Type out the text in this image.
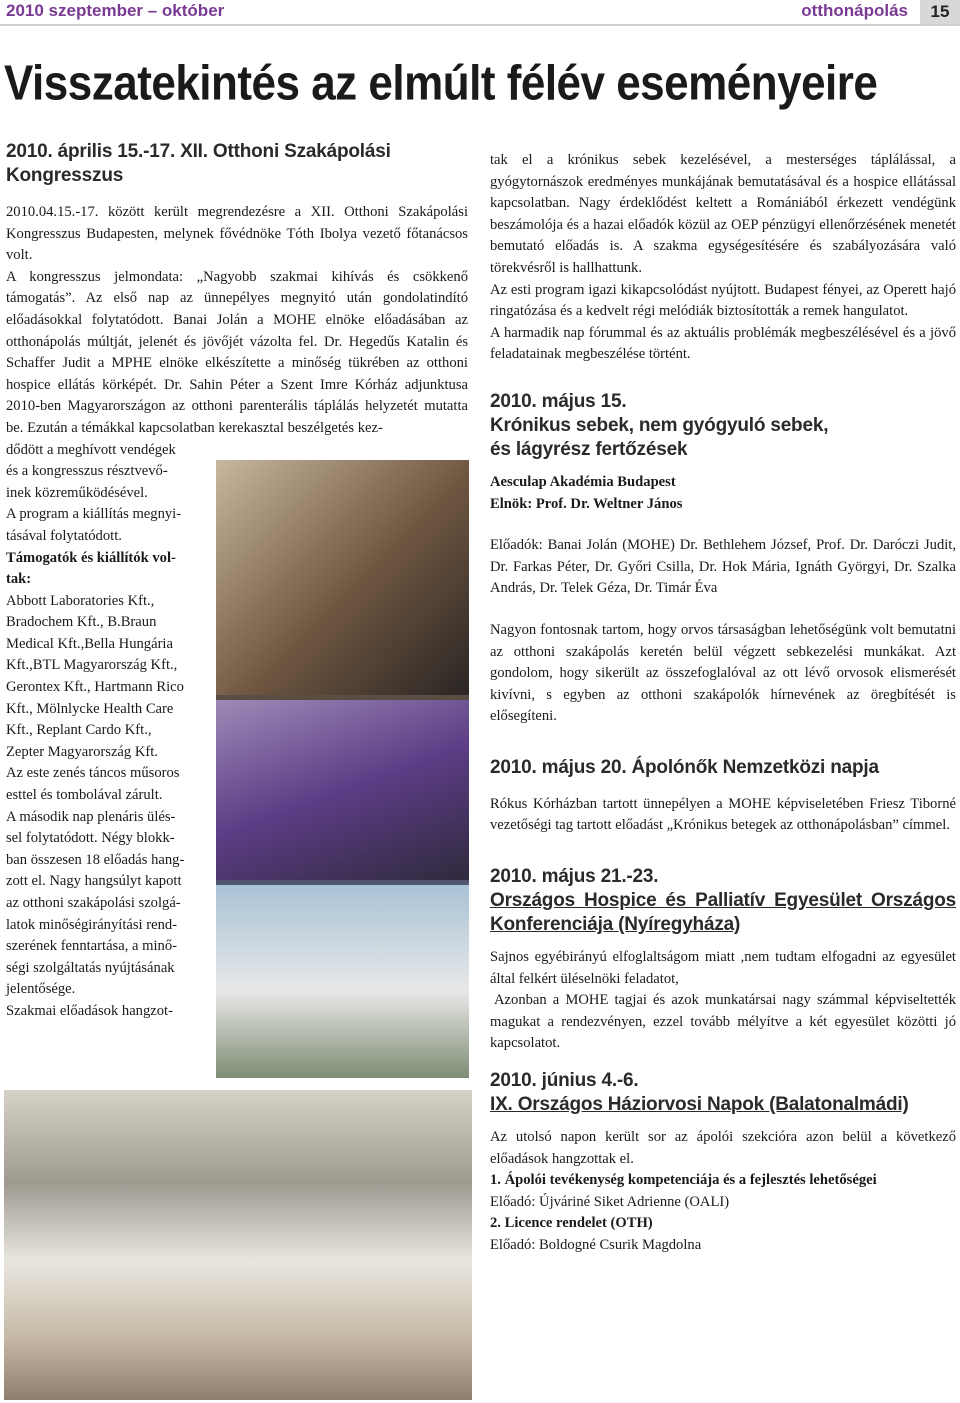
2010 szeptember – október	otthonápolás	15
Visszatekintés az elmúlt félév eseményeire

2010. április 15.-17. XII. Otthoni Szakápolási

Kongresszus

2010.04.15.-17. között került megrendezésre a XII. Otthoni Szakápolási Kongresszus Budapesten, melynek fővédnöke Tóth Ibolya vezető főtanácsos volt.

A kongresszus jelmondata: „Nagyobb szakmai kihívás és csökkenő támogatás”. Az első nap az ünnepélyes megnyitó után gondolatindító előadásokkal folytatódott. Banai Jolán a MOHE elnöke előadásában az otthonápolás múltját, jelenét és jövőjét vázolta fel. Dr. Hegedűs Katalin és Schaffer Judit a MPHE elnöke elkészítette a minőség tükrében az otthoni hospice ellátás körképét. Dr. Sahin Péter a Szent Imre Kórház adjunktusa 2010-ben Magyarországon az otthoni parenterális táplálás helyzetét mutatta be. Ezután a témákkal kapcsolatban kerekasztal beszélgetés kez-

dődött a meghívott vendégek

és a kongresszus résztvevő-

inek közreműködésével.

A program a kiállítás megnyi-

tásával folytatódott.

Támogatók és kiállítók vol-

tak:

Abbott Laboratories Kft.,

Bradochem Kft., B.Braun

Medical Kft.,Bella Hungária

Kft.,BTL Magyarország Kft.,

Gerontex Kft., Hartmann Rico

Kft., Mölnlycke Health Care

Kft., Replant Cardo Kft.,

Zepter Magyarország Kft.

Az este zenés táncos műsoros

esttel és tombolával zárult.

A második nap plenáris ülés-

sel folytatódott. Négy blokk-

ban összesen 18 előadás hang-

zott el. Nagy hangsúlyt kapott

az otthoni szakápolási szolgá-

latok minőségirányítási rend-

szerének fenntartása, a minő-

ségi szolgáltatás nyújtásának

jelentősége.

Szakmai előadások hangzot-

tak el a krónikus sebek kezelésével, a mesterséges táplálással, a gyógytornászok eredményes munkájának bemutatásával és a hospice ellátással kapcsolatban. Nagy érdeklődést keltett a Romániából érkezett vendégünk beszámolója és a hazai előadók közül az OEP pénzügyi ellenőrzésének menetét bemutató előadás is. A szakma egységesítésére és szabályozására való törekvésről is hallhattunk.

Az esti program igazi kikapcsolódást nyújtott. Budapest fényei, az Operett hajó ringatózása és a kedvelt régi melódiák biztosították a remek hangulatot.

A harmadik nap fórummal és az aktuális problémák megbeszélésével és a jövő feladatainak megbeszélése történt.

2010. május 15.

Krónikus sebek, nem gyógyuló sebek,

és lágyrész fertőzések

Aesculap Akadémia Budapest

Elnök: Prof. Dr. Weltner János

Előadók: Banai Jolán (MOHE) Dr. Bethlehem József, Prof. Dr. Daróczi Judit, Dr. Farkas Péter, Dr. Győri Csilla, Dr. Hok Mária, Ignáth Györgyi, Dr. Szalka András, Dr. Telek Géza, Dr. Timár Éva

Nagyon fontosnak tartom, hogy orvos társaságban lehetőségünk volt bemutatni az otthoni szakápolás keretén belül végzett sebkezelési munkákat. Azt gondolom, hogy sikerült az összefoglalóval az ott lévő orvosok elismerését kivívni, s egyben az otthoni szakápolók hírnevének az öregbítését is elősegíteni.

2010. május 20. Ápolónők Nemzetközi napja

Rókus Kórházban tartott ünnepélyen a MOHE képviseletében Friesz Tiborné vezetőségi tag tartott előadást „Krónikus betegek az otthonápolásban” címmel.

2010. május 21.-23.

Országos Hospice és Palliatív Egyesület Országos Konferenciája (Nyíregyháza)

Sajnos egyébirányú elfoglaltságom miatt ,nem tudtam elfogadni az egyesület által felkért üléselnöki feladatot,

Azonban a MOHE tagjai és azok munkatársai nagy számmal képviseltették magukat a rendezvényen, ezzel tovább mélyítve a két egyesület közötti jó kapcsolatot.

2010. június 4.-6.

IX. Országos Háziorvosi Napok (Balatonalmádi)

Az utolsó napon került sor az ápolói szekcióra azon belül a következő előadások hangzottak el.

1. Ápolói tevékenység kompetenciája és a fejlesztés lehetőségei

Előadó: Újváriné Siket Adrienne (OALI)

2. Licence rendelet (OTH)

Előadó: Boldogné Csurik Magdolna
